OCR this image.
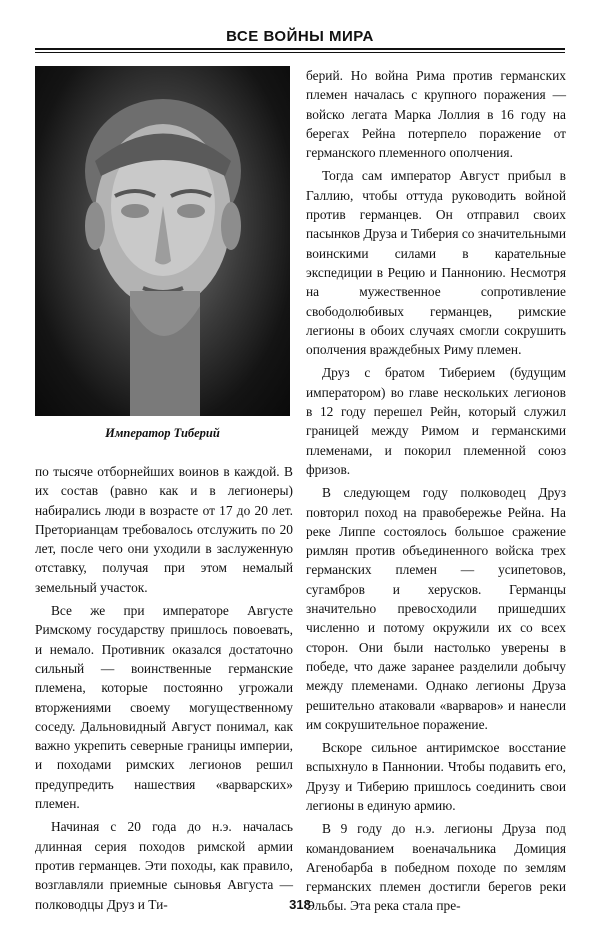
ВСЕ ВОЙНЫ МИРА
Император Тиберий

по тысяче отборнейших воинов в каждой. В их состав (равно как и в легионеры) набирались люди в возрасте от 17 до 20 лет. Преторианцам требовалось отслужить по 20 лет, после чего они уходили в заслуженную отставку, получая при этом немалый земельный участок.

Все же при императоре Августе Римскому государству пришлось повоевать, и немало. Противник оказался достаточно сильный — воинственные германские племена, которые постоянно угрожали вторжениями своему могущественному соседу. Дальновидный Август понимал, как важно укрепить северные границы империи, и походами римских легионов решил предупредить нашествия «варварских» племен.

Начиная с 20 года до н.э. началась длинная серия походов римской армии против германцев. Эти походы, как правило, возглавляли приемные сыновья Августа — полководцы Друз и Ти-

берий. Но война Рима против германских племен началась с крупного поражения — войско легата Марка Лоллия в 16 году на берегах Рейна потерпело поражение от германского племенного ополчения.

Тогда сам император Август прибыл в Галлию, чтобы оттуда руководить войной против германцев. Он отправил своих пасынков Друза и Тиберия со значительными воинскими силами в карательные экспедиции в Рецию и Паннонию. Несмотря на мужественное сопротивление свободолюбивых германцев, римские легионы в обоих случаях смогли сокрушить ополчения враждебных Риму племен.

Друз с братом Тиберием (будущим императором) во главе нескольких легионов в 12 году перешел Рейн, который служил границей между Римом и германскими племенами, и покорил племенной союз фризов.

В следующем году полководец Друз повторил поход на правобережье Рейна. На реке Липпе состоялось большое сражение римлян против объединенного войска трех германских племен — усипетовов, сугамбров и херусков. Германцы значительно превосходили пришедших численно и потому окружили их со всех сторон. Они были настолько уверены в победе, что даже заранее разделили добычу между племенами. Однако легионы Друза решительно атаковали «варваров» и нанесли им сокрушительное поражение.

Вскоре сильное антиримское восстание вспыхнуло в Паннонии. Чтобы подавить его, Друзу и Тиберию пришлось соединить свои легионы в единую армию.

В 9 году до н.э. легионы Друза под командованием военачальника Домиция Агенобарба в победном походе по землям германских племен достигли берегов реки Эльбы. Эта река стала пре-

318
